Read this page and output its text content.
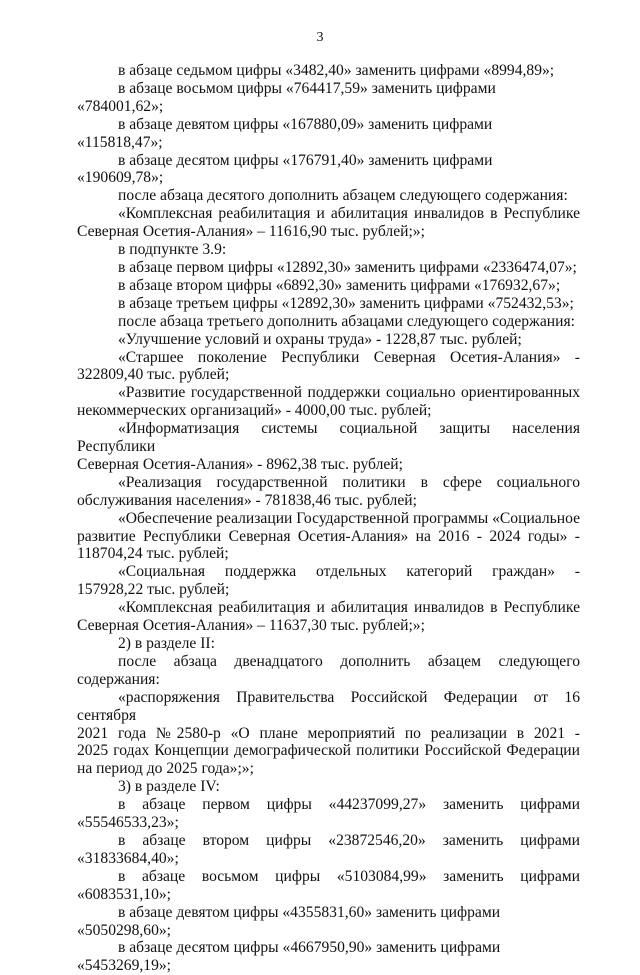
3

в абзаце седьмом цифры «3482,40» заменить цифрами «8994,89»;

в абзаце восьмом цифры «764417,59» заменить цифрами «784001,62»;

в абзаце девятом цифры «167880,09» заменить цифрами «115818,47»;

в абзаце десятом цифры «176791,40» заменить цифрами «190609,78»;

после абзаца десятого дополнить абзацем следующего содержания:

«Комплексная реабилитация и абилитация инвалидов в Республике

Северная Осетия-Алания» – 11616,90 тыс. рублей;»;

в подпункте 3.9:

в абзаце первом цифры «12892,30» заменить цифрами «2336474,07»;

в абзаце втором цифры «6892,30» заменить цифрами «176932,67»;

в абзаце третьем цифры «12892,30» заменить цифрами «752432,53»;

после абзаца третьего дополнить абзацами следующего содержания:

«Улучшение условий и охраны труда» - 1228,87 тыс. рублей;

«Старшее поколение Республики Северная Осетия-Алания» -

322809,40 тыс. рублей;

«Развитие государственной поддержки социально ориентированных

некоммерческих организаций» - 4000,00 тыс. рублей;

«Информатизация системы социальной защиты населения Республики

Северная Осетия-Алания» - 8962,38 тыс. рублей;

«Реализация государственной политики в сфере социального

обслуживания населения» - 781838,46 тыс. рублей;

«Обеспечение реализации Государственной программы «Социальное

развитие Республики Северная Осетия-Алания» на 2016 - 2024 годы» -

118704,24 тыс. рублей;

«Социальная поддержка отдельных категорий граждан» -

157928,22 тыс. рублей;

«Комплексная реабилитация и абилитация инвалидов в Республике

Северная Осетия-Алания» – 11637,30 тыс. рублей;»;

2) в разделе II:

после абзаца двенадцатого дополнить абзацем следующего

содержания:

«распоряжения Правительства Российской Федерации от 16 сентября

2021 года №2580-р «О плане мероприятий по реализации в 2021 -

2025 годах Концепции демографической политики Российской Федерации

на период до 2025 года»;»;

3) в разделе IV:

в абзаце первом цифры «44237099,27» заменить цифрами

«55546533,23»;

в абзаце втором цифры «23872546,20» заменить цифрами

«31833684,40»;

в абзаце восьмом цифры «5103084,99» заменить цифрами

«6083531,10»;

в абзаце девятом цифры «4355831,60» заменить цифрами «5050298,60»;

в абзаце десятом цифры «4667950,90» заменить цифрами «5453269,19»;
